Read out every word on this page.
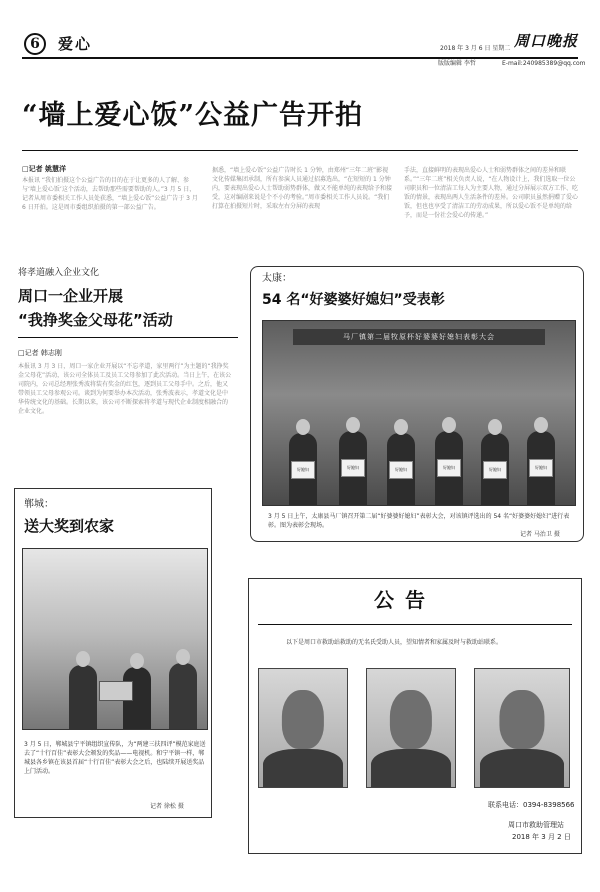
6	爱心	2018 年 3 月 6 日 星期二 周口晚报
版版编辑 李哲	E-mail:240985389@qq.com
“墙上爱心饭”公益广告开拍
□记者 姚慧洋
本报讯 “我们拍摄这个公益广告的目的在于让更多的人了解、参与‘墙上爱心饭’这个活动，去帮助那些需要帮助的人。”3 月 5 日，记者从周市委相关工作人员处获悉，“墙上爱心饭”公益广告于 3 月 6 日开拍。这是周市委组织拍摄的第一部公益广告。
据悉，“墙上爱心饭”公益广告时长 1 分钟，由郑州“三年二班”影视文化传媒集团承制，所有参演人员通过招募选出，“在短短的 1 分钟内，要表现出爱心人士帮助弱势群体，做又不能单纯的表现给予和接受，这对编剧来说是个不小的考验。”周市委相关工作人员说。“我们打算在拍摄短片时，采取左右分屏的表现
手法，直接鲜明的表现出爱心人士和弱势群体之间的差异和联系。”“三年二班”相关负责人说，“在人物设计上，我们选取一位公司职员和一位清洁工每人为主要人物，通过分屏展示双方工作、吃饭的情景，表现出两人生活条件的差异。公司职员虽然捐赠了爱心饭，但也也享受了清洁工的劳动成果，所以爱心饭不是单纯的给予，而是一份社会爱心的传递。”
将孝道融入企业文化
周口一企业开展
“我挣奖金父母花”活动
□记者 韩志刚
本报讯 3 月 3 日，周口一家企业开展以“不忘孝道，家里两行”为主题的“我挣奖金父母花”活动，该公司全体员工及员工父母参加了此次活动。当日上午，在该公司院内，公司总经理张秀波将装有奖金的红包，逐到员工父母手中。之后，他又带领员工父母参观公司。谈到为何要举办本次活动，张秀波表示，孝道文化是中华传统文化的基础。长期以来，该公司不断探索将孝道与现代企业制度相融合的企业文化。
太康：
54 名“好婆婆好媳妇”受表彰
马厂镇第二届牧原杯好婆婆好媳妇表彰大会
好媳妇	好媳妇	好媳妇	好媳妇	好媳妇	好媳妇
3 月 5 日上午，太康县马厂镇召开第二届“好婆婆好媳妇”表彰大会，对该镇评选出的 54 名“好婆婆好媳妇”进行表彰。图为表彰会现场。
记者 马治卫 摄
郸城：
送大奖到农家
3 月 5 日，郸城县宁平镇组织宣传队，为“两建三扶四评”模范家庭送去了“十行百佳”表彰大会颁发的奖品——电视机。和宁平镇一样，郸城县各乡镇在该县首届“十行百佳”表彰大会之后，也陆续开展送奖品上门活动。
记者 徐松 摄
公 告
以下是周口市救助站救助的无名氏受助人员，望知情者和家属及时与救助站联系。
联系电话：0394-8398566
周口市救助管理站
2018 年 3 月 2 日
